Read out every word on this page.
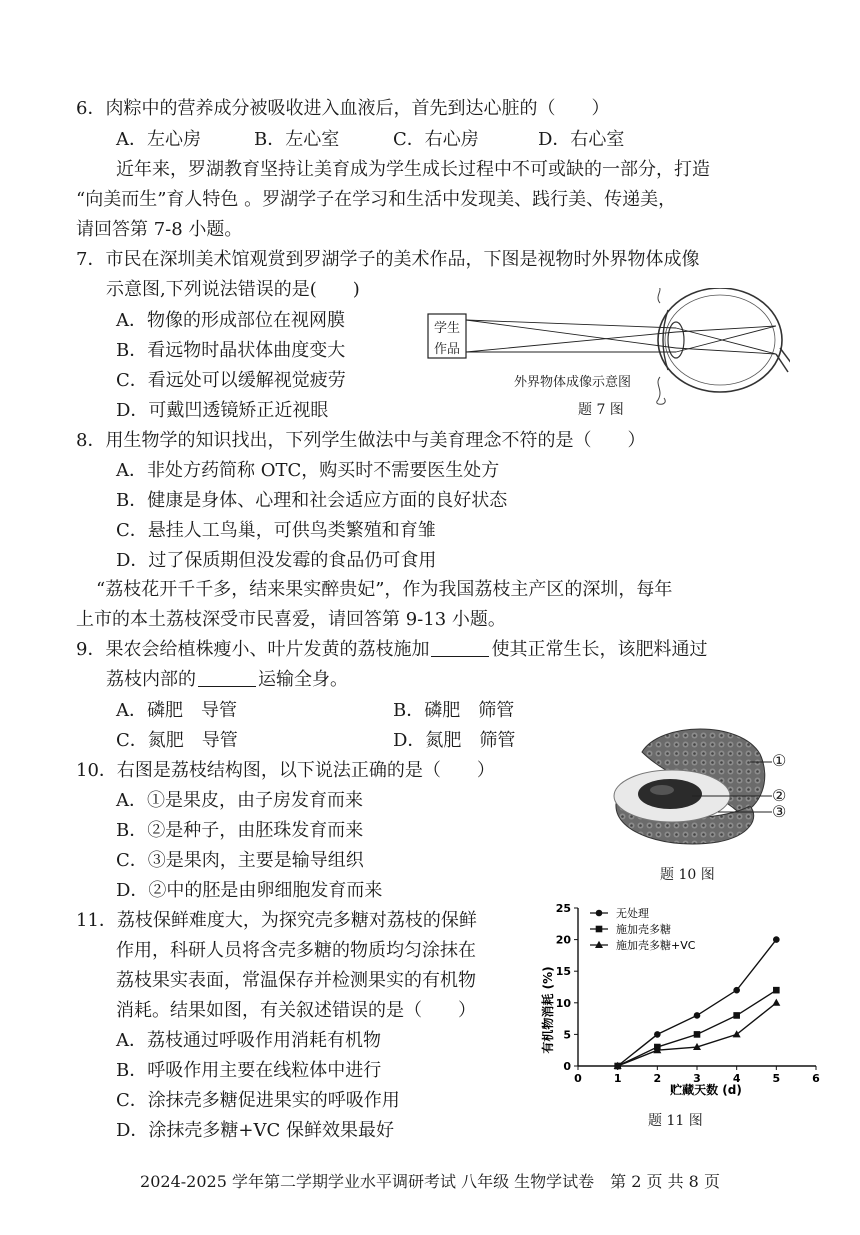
6．肉粽中的营养成分被吸收进入血液后，首先到达心脏的（　　）
A．左心房	B．左心室	C．右心房	D．右心室
近年来，罗湖教育坚持让美育成为学生成长过程中不可或缺的一部分，打造
“向美而生”育人特色 。罗湖学子在学习和生活中发现美、践行美、传递美，
请回答第 7-8 小题。
7．市民在深圳美术馆观赏到罗湖学子的美术作品，下图是视物时外界物体成像
示意图,下列说法错误的是(　　)
A．物像的形成部位在视网膜
B．看远物时晶状体曲度变大
C．看远处可以缓解视觉疲劳
D．可戴凹透镜矫正近视眼
学生作品
外界物体成像示意图
题 7 图
8．用生物学的知识找出，下列学生做法中与美育理念不符的是（　　）
A．非处方药简称 OTC，购买时不需要医生处方
B．健康是身体、心理和社会适应方面的良好状态
C．悬挂人工鸟巢，可供鸟类繁殖和育雏
D．过了保质期但没发霉的食品仍可食用
“荔枝花开千千多，结来果实醉贵妃”，作为我国荔枝主产区的深圳，每年
上市的本土荔枝深受市民喜爱，请回答第 9-13 小题。
9．果农会给植株瘦小、叶片发黄的荔枝施加	使其正常生长，该肥料通过
荔枝内部的	运输全身。
A．磷肥　导管	B．磷肥　筛管
C．氮肥　导管	D．氮肥　筛管
10．右图是荔枝结构图，以下说法正确的是（　　）
A．①是果皮，由子房发育而来
B．②是种子，由胚珠发育而来
C．③是果肉，主要是输导组织
D．②中的胚是由卵细胞发育而来
①
②
③
题 10 图
11．荔枝保鲜难度大，为探究壳多糖对荔枝的保鲜
作用，科研人员将含壳多糖的物质均匀涂抹在
荔枝果实表面，常温保存并检测果实的有机物
消耗。结果如图，有关叙述错误的是（　　）
A．荔枝通过呼吸作用消耗有机物
B．呼吸作用主要在线粒体中进行
C．涂抹壳多糖促进果实的呼吸作用
D．涂抹壳多糖+VC 保鲜效果最好
0
5
10
15
20
25
0	1	2	3	4	5	6
无处理
施加壳多糖
施加壳多糖+VC
有机物消耗 (%)
贮藏天数 (d)
题 11 图
2024-2025 学年第二学期学业水平调研考试 八年级 生物学试卷　第 2 页 共 8 页
